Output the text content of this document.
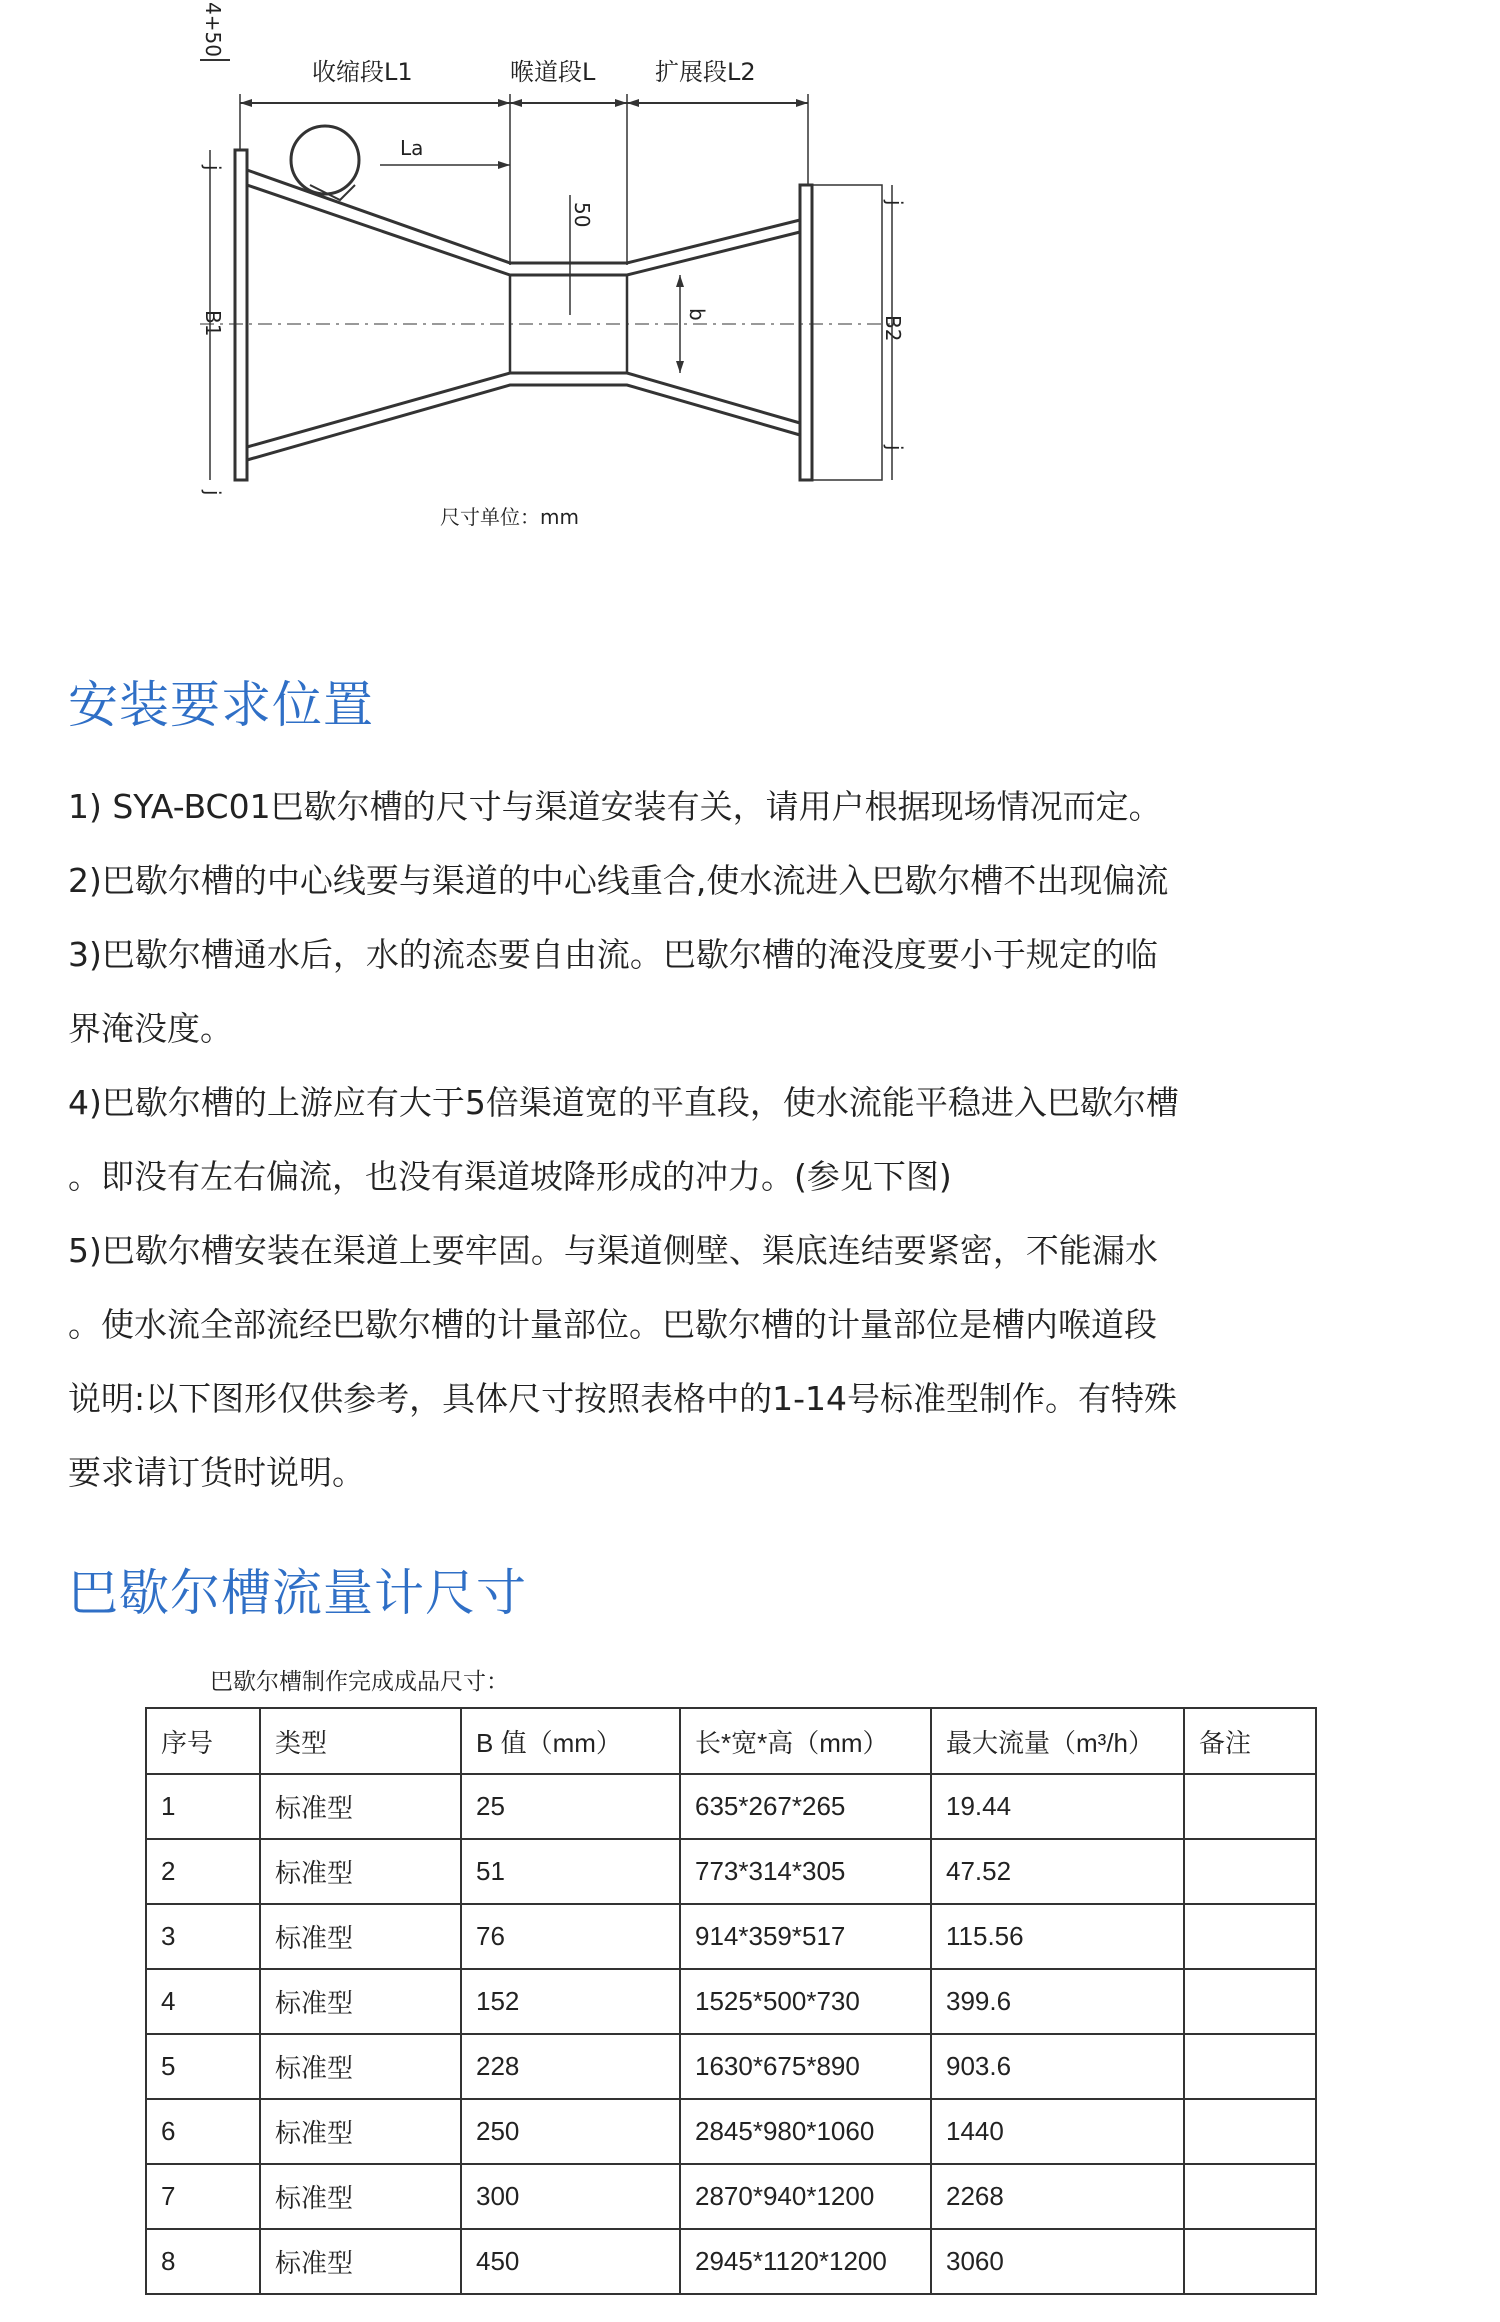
4+50
收缩段L1	喉道段L 扩展段L2
La
50
b
B1	B2
j
j
j
j
尺寸单位：mm
安装要求位置

1) SYA-BC01巴歇尔槽的尺寸与渠道安装有关，请用户根据现场情况而定。

2)巴歇尔槽的中心线要与渠道的中心线重合,使水流进入巴歇尔槽不出现偏流

3)巴歇尔槽通水后，水的流态要自由流。巴歇尔槽的淹没度要小于规定的临

界淹没度。

4)巴歇尔槽的上游应有大于5倍渠道宽的平直段，使水流能平稳进入巴歇尔槽

。即没有左右偏流，也没有渠道坡降形成的冲力。(参见下图)

5)巴歇尔槽安装在渠道上要牢固。与渠道侧壁、渠底连结要紧密，不能漏水

。使水流全部流经巴歇尔槽的计量部位。巴歇尔槽的计量部位是槽内喉道段

说明:以下图形仅供参考，具体尺寸按照表格中的1-14号标准型制作。有特殊

要求请订货时说明。

巴歇尔槽流量计尺寸
巴歇尔槽制作完成成品尺寸：
序号	类型	B 值（mm）	长*宽*高（mm）	最大流量（m³/h）	备注
1	标准型	25	635*267*265	19.44	
2	标准型	51	773*314*305	47.52	
3	标准型	76	914*359*517	115.56	
4	标准型	152	1525*500*730	399.6	
5	标准型	228	1630*675*890	903.6	
6	标准型	250	2845*980*1060	1440	
7	标准型	300	2870*940*1200	2268	
8	标准型	450	2945*1120*1200	3060	
